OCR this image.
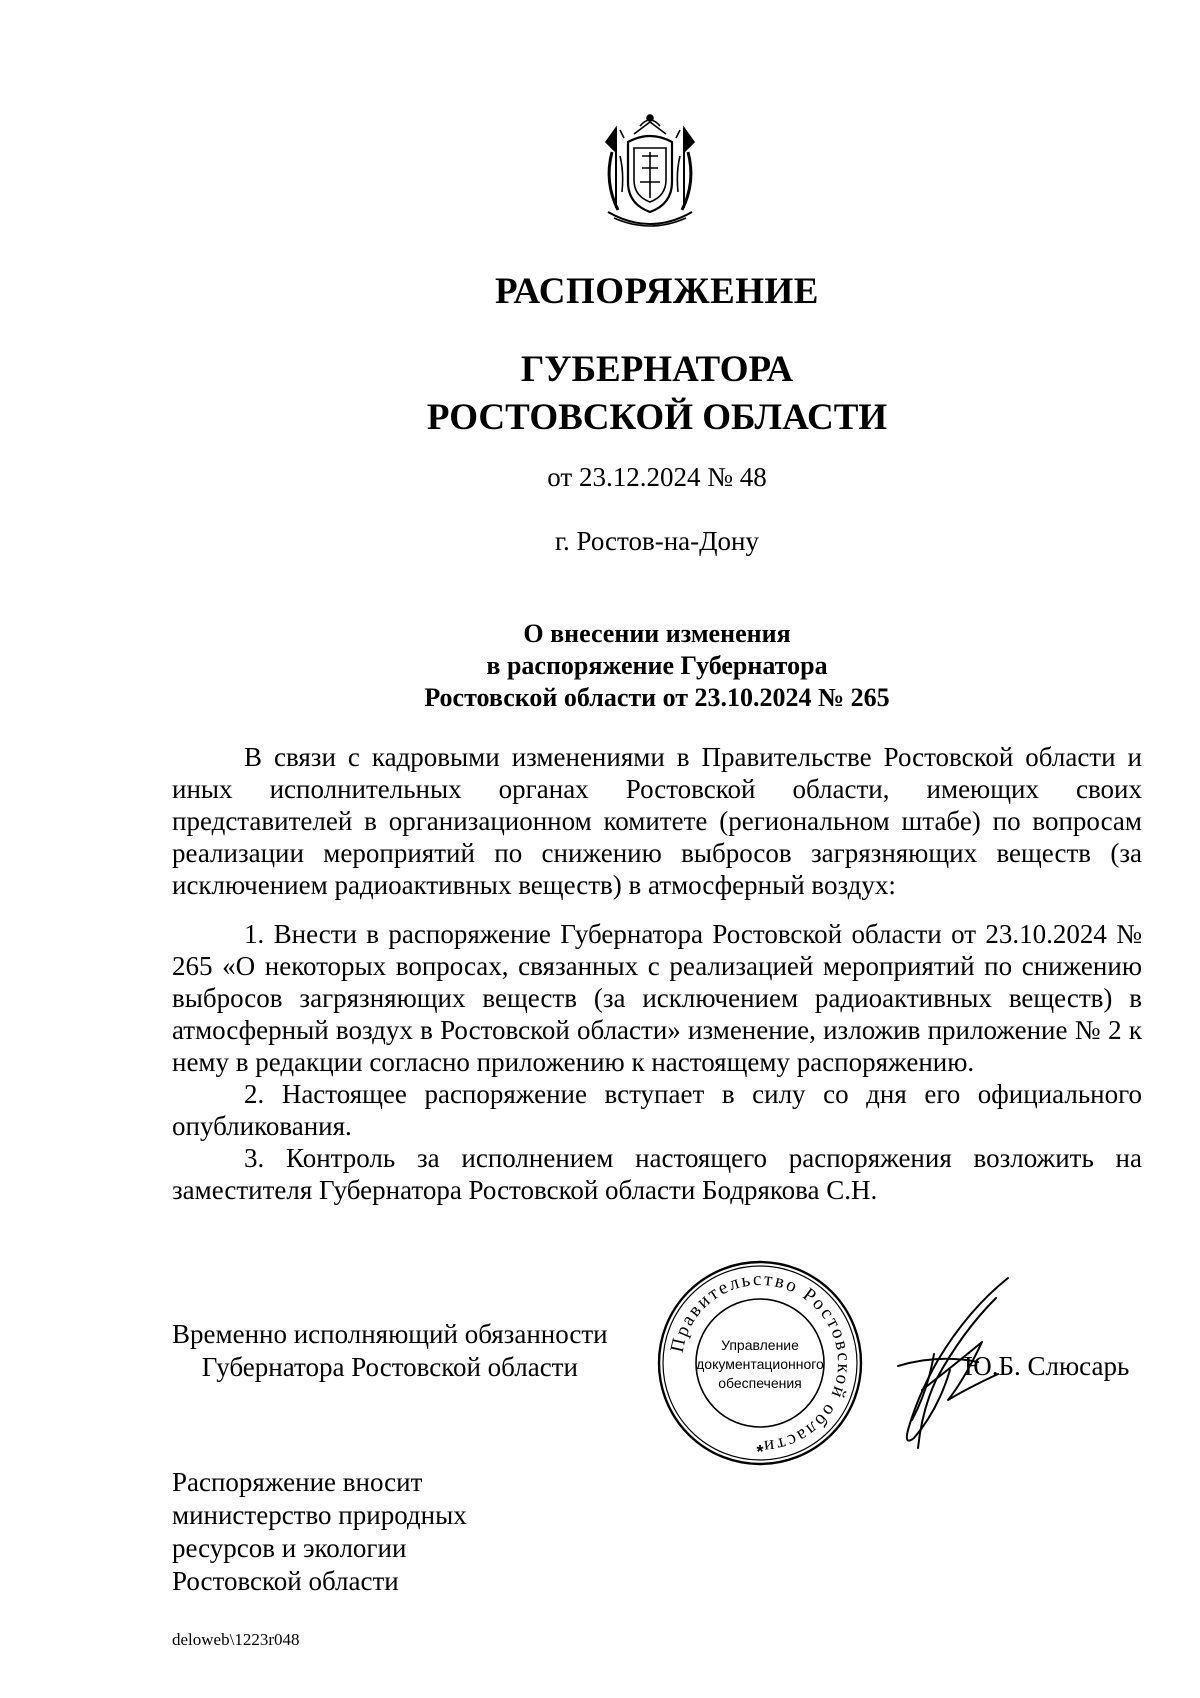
РАСПОРЯЖЕНИЕ
ГУБЕРНАТОРА
РОСТОВСКОЙ ОБЛАСТИ
от 23.12.2024 № 48
г. Ростов-на-Дону
О внесении изменения
в распоряжение Губернатора
Ростовской области от 23.10.2024 № 265

В связи с кадровыми изменениями в Правительстве Ростовской области и иных исполнительных органах Ростовской области, имеющих своих представителей в организационном комитете (региональном штабе) по вопросам реализации мероприятий по снижению выбросов загрязняющих веществ (за исключением радиоактивных веществ) в атмосферный воздух:

1. Внести в распоряжение Губернатора Ростовской области от 23.10.2024 № 265 «О некоторых вопросах, связанных с реализацией мероприятий по снижению выбросов загрязняющих веществ (за исключением радиоактивных веществ) в атмосферный воздух в Ростовской области» изменение, изложив приложение № 2 к нему в редакции согласно приложению к настоящему распоряжению.

2. Настоящее распоряжение вступает в силу со дня его официального опубликования.

3. Контроль за исполнением настоящего распоряжения возложить на заместителя Губернатора Ростовской области Бодрякова С.Н.

Временно исполняющий обязанности
Губернатора Ростовской области
Правительство Ростовской области
Управление
документационного
обеспечения
*
Ю.Б. Слюсарь
Распоряжение вносит
министерство природных
ресурсов и экологии
Ростовской области
deloweb\1223r048
